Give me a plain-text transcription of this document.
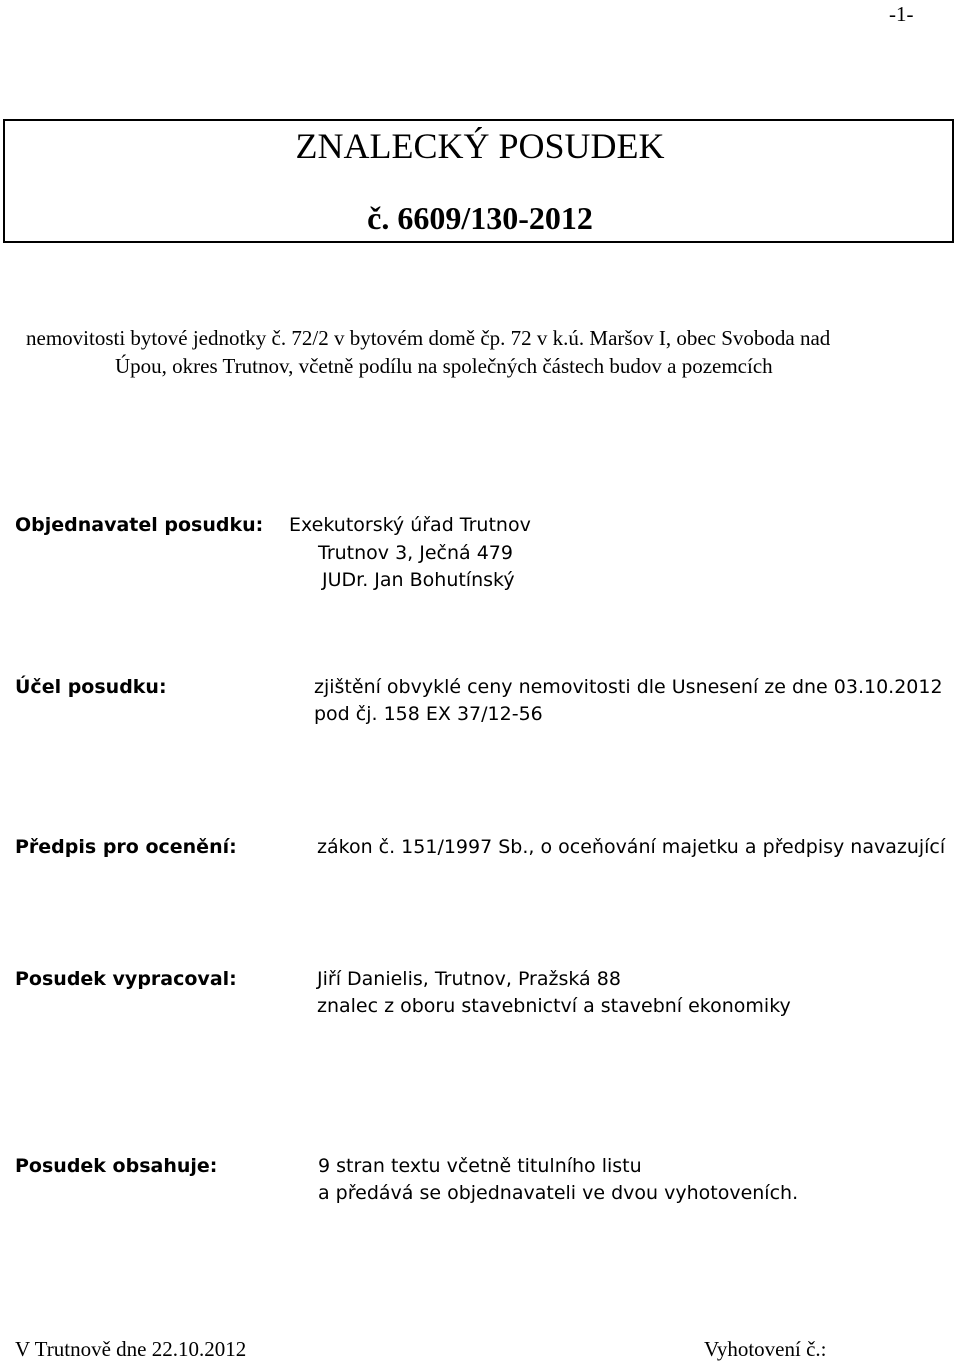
-1-
ZNALECKÝ POSUDEK
č. 6609/130-2012
nemovitosti bytové jednotky č. 72/2 v bytovém domě čp. 72 v k.ú. Maršov I, obec Svoboda nad
Úpou, okres Trutnov, včetně podílu na společných částech budov a pozemcích
Objednavatel posudku: Exekutorský úřad Trutnov
Trutnov 3, Ječná 479
JUDr. Jan Bohutínský
Účel posudku:	zjištění obvyklé ceny nemovitosti dle Usnesení ze dne 03.10.2012
pod čj. 158 EX 37/12-56
Předpis pro ocenění:	zákon č. 151/1997 Sb., o oceňování majetku a předpisy navazující
Posudek vypracoval:	Jiří Danielis, Trutnov, Pražská 88
znalec z oboru stavebnictví a stavební ekonomiky
Posudek obsahuje:	9 stran textu včetně titulního listu
a předává se objednavateli ve dvou vyhotoveních.
V Trutnově dne 22.10.2012	Vyhotovení č.:
